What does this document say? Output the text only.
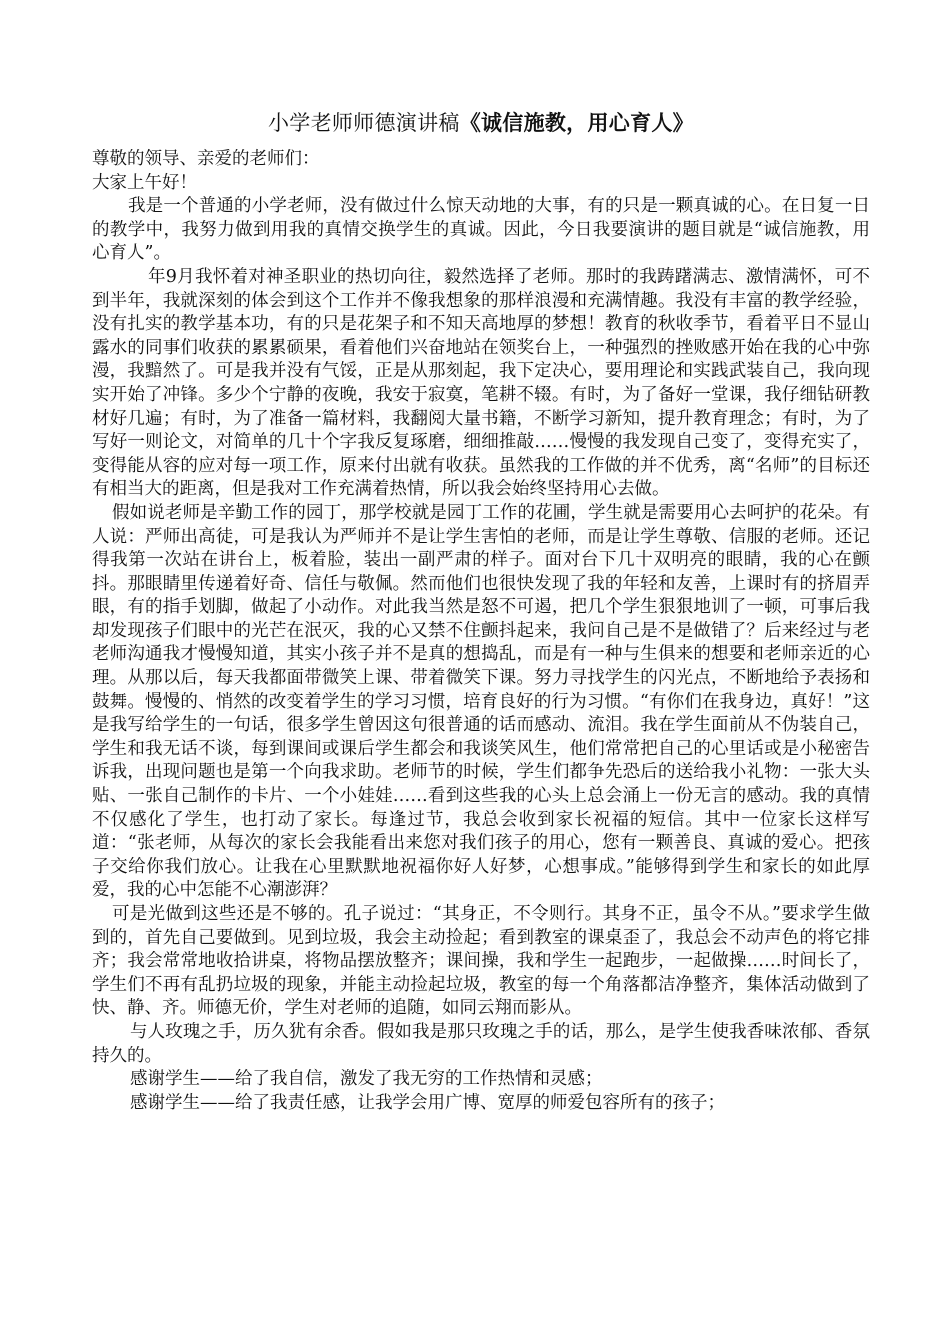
小学老师师德演讲稿《诚信施教，用心育人》

尊敬的领导、亲爱的老师们：

大家上午好！

我是一个普通的小学老师，没有做过什么惊天动地的大事，有的只是一颗真诚的心。在日复一日的教学中，我努力做到用我的真情交换学生的真诚。因此，今日我要演讲的题目就是“诚信施教，用心育人”。

年9月我怀着对神圣职业的热切向往，毅然选择了老师。那时的我踌躇满志、激情满怀，可不到半年，我就深刻的体会到这个工作并不像我想象的那样浪漫和充满情趣。我没有丰富的教学经验，没有扎实的教学基本功，有的只是花架子和不知天高地厚的梦想！教育的秋收季节，看着平日不显山露水的同事们收获的累累硕果，看着他们兴奋地站在领奖台上，一种强烈的挫败感开始在我的心中弥漫，我黯然了。可是我并没有气馁，正是从那刻起，我下定决心，要用理论和实践武装自己，我向现实开始了冲锋。多少个宁静的夜晚，我安于寂寞，笔耕不辍。有时，为了备好一堂课，我仔细钻研教材好几遍；有时，为了准备一篇材料，我翻阅大量书籍，不断学习新知，提升教育理念；有时，为了写好一则论文，对简单的几十个字我反复琢磨，细细推敲……慢慢的我发现自己变了，变得充实了，变得能从容的应对每一项工作，原来付出就有收获。虽然我的工作做的并不优秀，离“名师”的目标还有相当大的距离，但是我对工作充满着热情，所以我会始终坚持用心去做。

假如说老师是辛勤工作的园丁，那学校就是园丁工作的花圃，学生就是需要用心去呵护的花朵。有人说：严师出高徒，可是我认为严师并不是让学生害怕的老师，而是让学生尊敬、信服的老师。还记得我第一次站在讲台上，板着脸，装出一副严肃的样子。面对台下几十双明亮的眼睛，我的心在颤抖。那眼睛里传递着好奇、信任与敬佩。然而他们也很快发现了我的年轻和友善，上课时有的挤眉弄眼，有的指手划脚，做起了小动作。对此我当然是怒不可遏，把几个学生狠狠地训了一顿，可事后我却发现孩子们眼中的光芒在泯灭，我的心又禁不住颤抖起来，我问自己是不是做错了？后来经过与老老师沟通我才慢慢知道，其实小孩子并不是真的想捣乱，而是有一种与生俱来的想要和老师亲近的心理。从那以后，每天我都面带微笑上课、带着微笑下课。努力寻找学生的闪光点，不断地给予表扬和鼓舞。慢慢的、悄然的改变着学生的学习习惯，培育良好的行为习惯。“有你们在我身边，真好！”这是我写给学生的一句话，很多学生曾因这句很普通的话而感动、流泪。我在学生面前从不伪装自己，学生和我无话不谈，每到课间或课后学生都会和我谈笑风生，他们常常把自己的心里话或是小秘密告诉我，出现问题也是第一个向我求助。老师节的时候，学生们都争先恐后的送给我小礼物：一张大头贴、一张自己制作的卡片、一个小娃娃……看到这些我的心头上总会涌上一份无言的感动。我的真情不仅感化了学生，也打动了家长。每逢过节，我总会收到家长祝福的短信。其中一位家长这样写道：“张老师，从每次的家长会我能看出来您对我们孩子的用心，您有一颗善良、真诚的爱心。把孩子交给你我们放心。让我在心里默默地祝福你好人好梦，心想事成。”能够得到学生和家长的如此厚爱，我的心中怎能不心潮澎湃？

可是光做到这些还是不够的。孔子说过：“其身正，不令则行。其身不正，虽令不从。”要求学生做到的，首先自己要做到。见到垃圾，我会主动捡起；看到教室的课桌歪了，我总会不动声色的将它排齐；我会常常地收拾讲桌，将物品摆放整齐；课间操，我和学生一起跑步，一起做操……时间长了，学生们不再有乱扔垃圾的现象，并能主动捡起垃圾，教室的每一个角落都洁净整齐，集体活动做到了快、静、齐。师德无价，学生对老师的追随，如同云翔而影从。

与人玫瑰之手，历久犹有余香。假如我是那只玫瑰之手的话，那么，是学生使我香味浓郁、香氛持久的。

感谢学生——给了我自信，激发了我无穷的工作热情和灵感；

感谢学生——给了我责任感，让我学会用广博、宽厚的师爱包容所有的孩子；
